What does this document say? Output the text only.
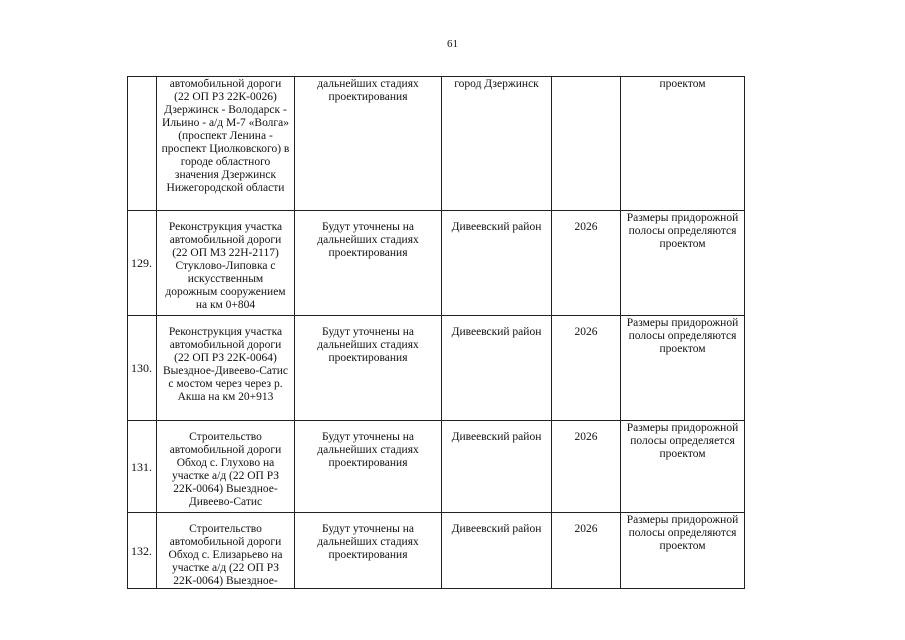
61
	автомобильной дороги (22 ОП РЗ 22К-0026) Дзержинск - Володарск - Ильино - а/д М-7 «Волга» (проспект Ленина - проспект Циолковского) в городе областного значения Дзержинск Нижегородской области	дальнейших стадиях проектирования	город Дзержинск		проектом
129.	Реконструкция участка автомобильной дороги (22 ОП МЗ 22Н-2117) Стукл​ово-Липовка с искусственным дорожным сооружением на км 0+804	Будут уточнены на дальнейших стадиях проектирования	Дивеевский район	2026	Размеры придорожной полосы определяются проектом
130.	Реконструкция участка автомобильной дороги (22 ОП РЗ 22К-0064) Выездное-Дивеево-Сатис с мостом через через р. Акша на км 20+913	Будут уточнены на дальнейших стадиях проектирования	Дивеевский район	2026	Размеры придорожной полосы определяются проектом
131.	Строительство автомобильной дороги Обход с. Глухово на участке а/д (22 ОП РЗ 22К-0064) Выездное-Дивеево-Сатис	Будут уточнены на дальнейших стадиях проектирования	Дивеевский район	2026	Размеры придорожной полосы определяется проектом
132.	Строительство автомобильной дороги Обход с. Елизарьево на участке а/д (22 ОП РЗ 22К-0064) Выездное-	Будут уточнены на дальнейших стадиях проектирования	Дивеевский район	2026	Размеры придорожной полосы определяются проектом
